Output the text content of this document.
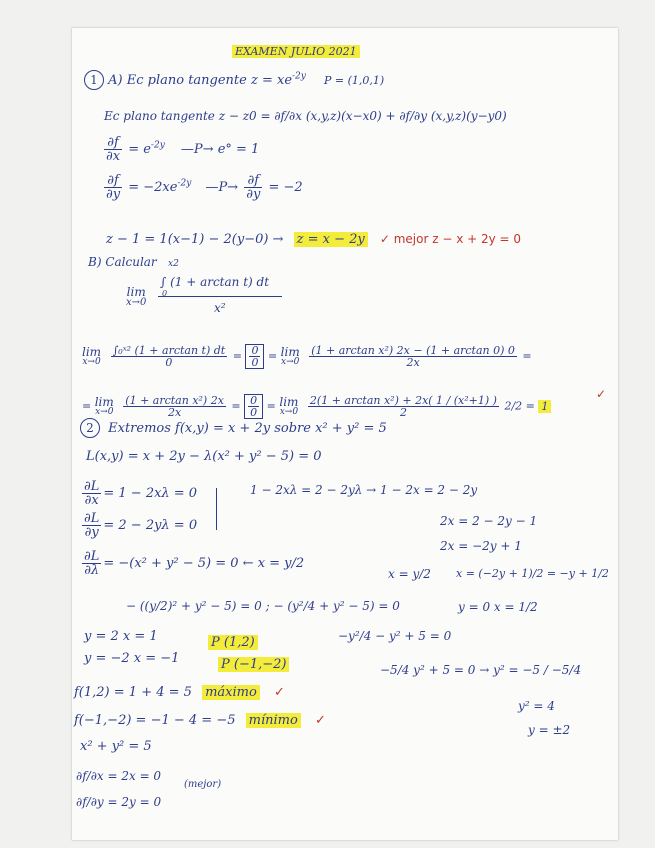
EXAMEN JULIO 2021
1 A) Ec plano tangente $z = xe^{-2y}$ P = (1,0,1)
Ec plano tangente z − z0 = ∂f/∂x (x,y,z)(x−x0) + ∂f/∂y (x,y,z)(y−y0)
$\frac{\partial f}{\partial x} = e^{-2y}$ —P→ e° = 1
$\frac{\partial f}{\partial y} = -2xe^{-2y}$ —P→ $\frac{\partial f}{\partial y} = -2$
z − 1 = 1(x−1) − 2(y−0) → z = x − 2y ✓ mejor z − x + 2y = 0
B) Calcular x2
∫ (1 + arctan t) dt
0
lim
x→0	x²
lim
x→0
$\frac{\text{∫₀ˣ² (1 + arctan t) dt}}{0} = \frac{0}{0} = \lim$
x→0
$\frac{\text{(1 + arctan x²) 2x − (1 + arctan 0) 0}}{2x}$ =
= lim
x→0
$\frac{\text{(1 + arctan x²) 2x}}{2x} = \frac{0}{0} = \lim$
x→0
$\frac{\text{2(1 + arctan x²) + 2x( 1 / (x²+1) )}}{2} 2/2 = 1$
✓
2 Extremos f(x,y) = x + 2y sobre x² + y² = 5
L(x,y) = x + 2y − λ(x² + y² − 5) = 0
$\frac{\partial L}{\partial x} = 1 - 2x\lambda = 0$
$\frac{\partial L}{\partial y} = 2 - 2y\lambda = 0$
$\frac{\partial L}{\partial\lambda} = -(x^2 + y^2 - 5) = 0$ ← x = y/2
1 − 2xλ = 2 − 2yλ → 1 − 2x = 2 − 2y
2x = 2 − 2y − 1
2x = −2y + 1
x = y/2 x = (−2y + 1)/2 = −y + 1/2
y = 0 x = 1/2
− ((y/2)² + y² − 5) = 0 ; − (y²/4 + y² − 5) = 0
y = 2 x = 1
y = −2 x = −1
P (1,2)
P (−1,−2)
−y²/4 − y² + 5 = 0
−5/4 y² + 5 = 0 → y² = −5 / −5/4
y² = 4
y = ±2
f(1,2) = 1 + 4 = 5 máximo ✓
f(−1,−2) = −1 − 4 = −5 mínimo ✓
x² + y² = 5
∂f/∂x = 2x = 0
∂f/∂y = 2y = 0
(mejor)
